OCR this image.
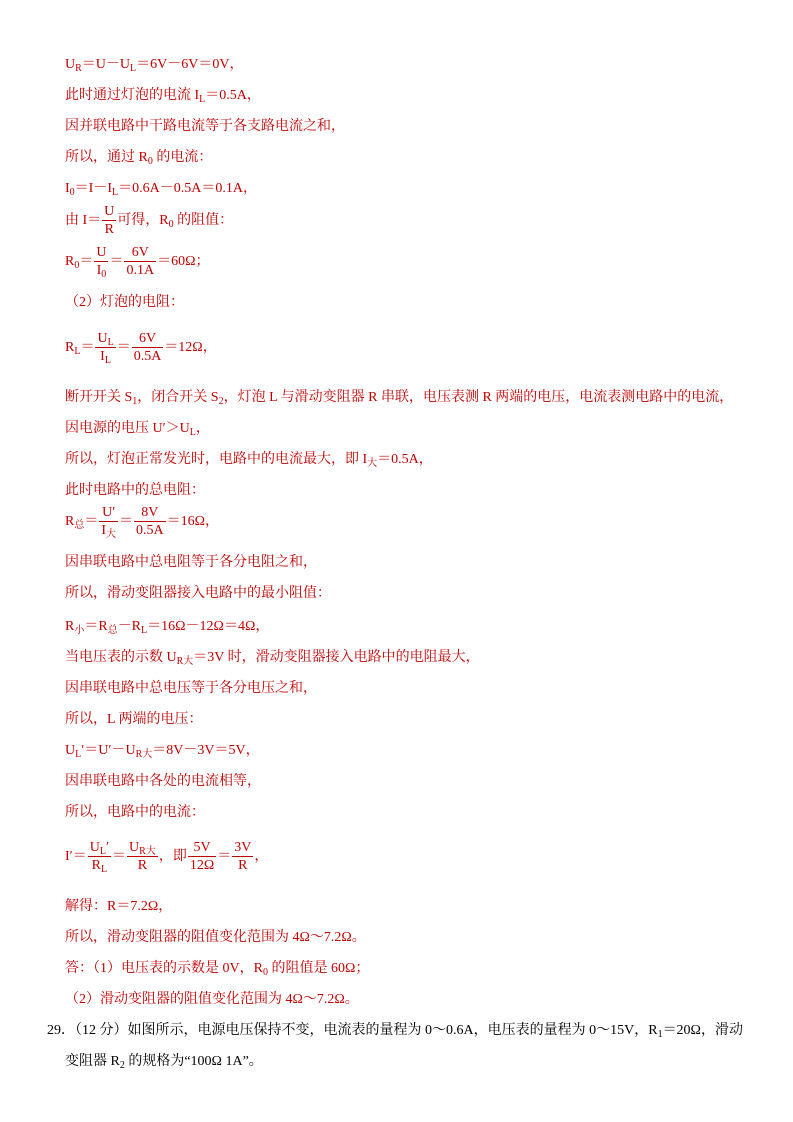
$U_R=U-U_L=6V-6V=0V$，
此时通过灯泡的电流 $I_L=0.5A$，
因并联电路中干路电流等于各支路电流之和，
所以，通过 $R_0$ 的电流：
$I_0=I-I_L=0.6A-0.5A=0.1A$，
由 $I= \frac{U}{R}$ 可得，$R_0$ 的阻值：
$R_0= \frac{U}{I_0} = \frac{6V}{0.1A} =60\Omega$；
（2）灯泡的电阻：
$R_L= \frac{U_L}{I_L} = \frac{6V}{0.5A} =12\Omega$，
断开开关 $S_1$，闭合开关 $S_2$，灯泡 L 与滑动变阻器 R 串联，电压表测 R 两端的电压，电流表测电路中的电流，
因电源的电压 $U'>U_L$，
所以，灯泡正常发光时，电路中的电流最大，即 $I_大=0.5A$，
此时电路中的总电阻：
$R_总= \frac{U'}{I_大} = \frac{8V}{0.5A} =16\Omega$，
因串联电路中总电阻等于各分电阻之和，
所以，滑动变阻器接入电路中的最小阻值：
$R_小=R_总-R_L=16\Omega-12\Omega=4\Omega$，
当电压表的示数 $U_{R大}=3V$ 时，滑动变阻器接入电路中的电阻最大，
因串联电路中总电压等于各分电压之和，
所以，L 两端的电压：
$U_L'=U'-U_{R大}=8V-3V=5V$，
因串联电路中各处的电流相等，
所以，电路中的电流：
$I'= \frac{U_L'}{R_L} = \frac{U_{R大}}{R}$ ，即 $\frac{5V}{12\Omega} = \frac{3V}{R}$ ，
解得：R＝7.2Ω，
所以，滑动变阻器的阻值变化范围为 4Ω～7.2Ω。
答：（1）电压表的示数是 0V，$R_0$ 的阻值是 60Ω；
（2）滑动变阻器的阻值变化范围为 4Ω～7.2Ω。
29．（12 分）如图所示，电源电压保持不变，电流表的量程为 0～0.6A，电压表的量程为 0～15V，$R_1=20\Omega$，滑动
变阻器 $R_2$ 的规格为“100Ω 1A”。
